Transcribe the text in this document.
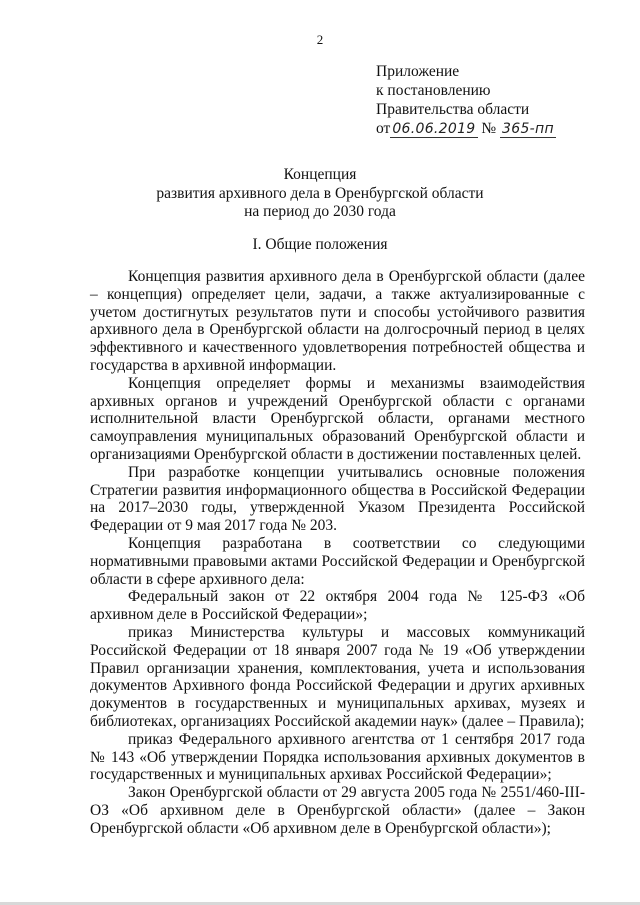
2
Приложение
к постановлению
Правительства области
от 06.06.2019 № 365-пп
Концепция
развития архивного дела в Оренбургской области
на период до 2030 года
I. Общие положения

Концепция развития архивного дела в Оренбургской области (далее – концепция) определяет цели, задачи, а также актуализированные с учетом достигнутых результатов пути и способы устойчивого развития архивного дела в Оренбургской области на долгосрочный период в целях эффективного и качественного удовлетворения потребностей общества и государства в архивной информации.

Концепция определяет формы и механизмы взаимодействия архивных органов и учреждений Оренбургской области с органами исполнительной власти Оренбургской области, органами местного самоуправления муниципальных образований Оренбургской области и организациями Оренбургской области в достижении поставленных целей.

При разработке концепции учитывались основные положения Стратегии развития информационного общества в Российской Федерации на 2017–2030 годы, утвержденной Указом Президента Российской Федерации от 9 мая 2017 года № 203.

Концепция разработана в соответствии со следующими нормативными правовыми актами Российской Федерации и Оренбургской области в сфере архивного дела:

Федеральный закон от 22 октября 2004 года № 125-ФЗ «Об архивном деле в Российской Федерации»;

приказ Министерства культуры и массовых коммуникаций Российской Федерации от 18 января 2007 года № 19 «Об утверждении Правил организации хранения, комплектования, учета и использования документов Архивного фонда Российской Федерации и других архивных документов в государственных и муниципальных архивах, музеях и библиотеках, организациях Российской академии наук» (далее – Правила);

приказ Федерального архивного агентства от 1 сентября 2017 года № 143 «Об утверждении Порядка использования архивных документов в государственных и муниципальных архивах Российской Федерации»;

Закон Оренбургской области от 29 августа 2005 года № 2551/460-III-ОЗ «Об архивном деле в Оренбургской области» (далее – Закон Оренбургской области «Об архивном деле в Оренбургской области»);
